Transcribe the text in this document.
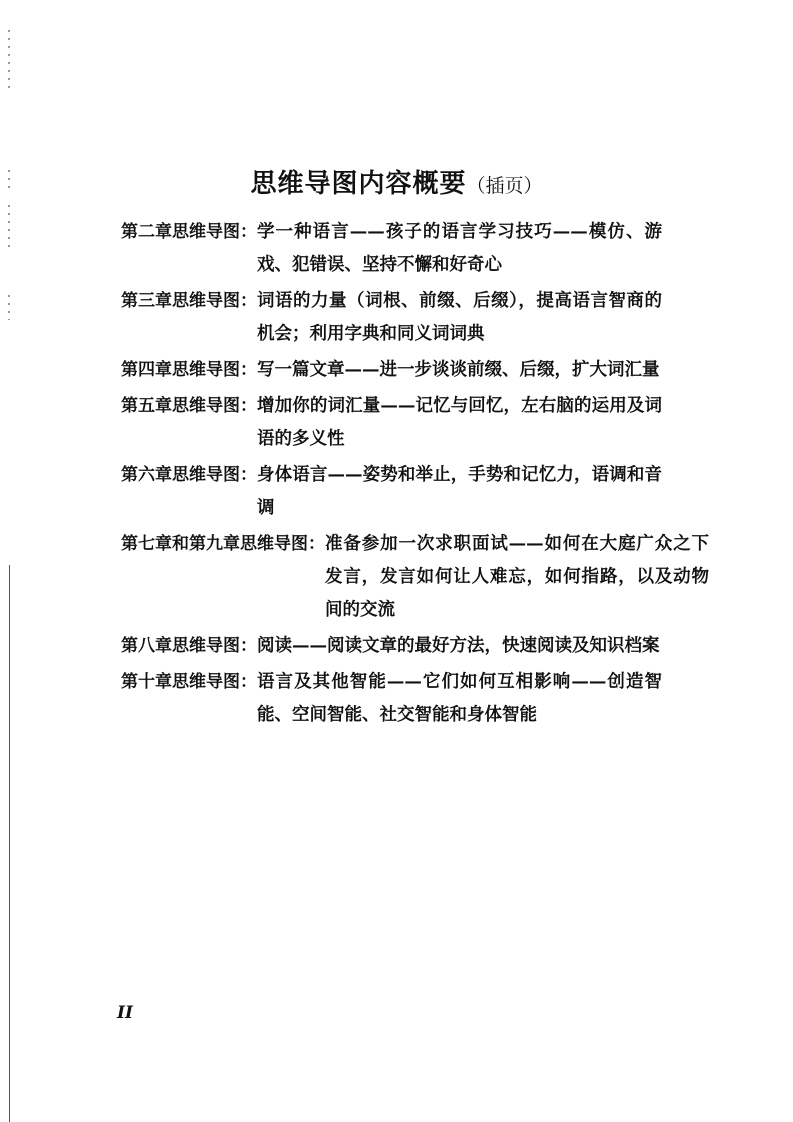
思维导图内容概要（插页）
第二章思维导图： 学一种语言——孩子的语言学习技巧——模仿、游戏、犯错误、坚持不懈和好奇心
第三章思维导图： 词语的力量（词根、前缀、后缀），提高语言智商的机会；利用字典和同义词词典
第四章思维导图： 写一篇文章——进一步谈谈前缀、后缀，扩大词汇量
第五章思维导图： 增加你的词汇量——记忆与回忆，左右脑的运用及词语的多义性
第六章思维导图： 身体语言——姿势和举止，手势和记忆力，语调和音调
第七章和第九章思维导图： 准备参加一次求职面试——如何在大庭广众之下发言，发言如何让人难忘，如何指路，以及动物间的交流
第八章思维导图： 阅读——阅读文章的最好方法，快速阅读及知识档案
第十章思维导图： 语言及其他智能——它们如何互相影响——创造智能、空间智能、社交智能和身体智能
II
